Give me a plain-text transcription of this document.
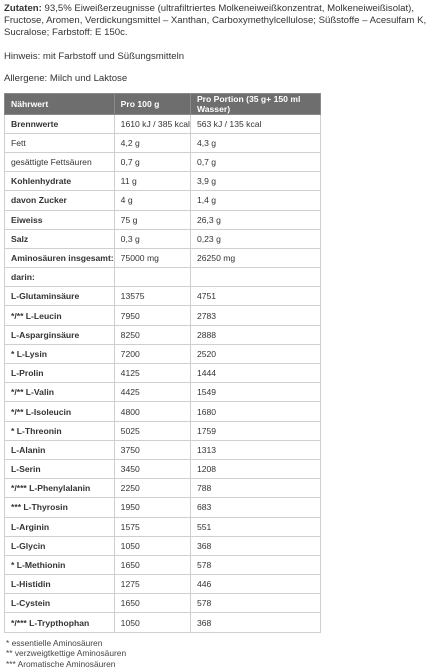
Zutaten: 93,5% Eiweißerzeugnisse (ultrafiltriertes Molkeneiweißkonzentrat, Molkeneiweißisolat), Fructose, Aromen, Verdickungsmittel – Xanthan, Carboxymethylcellulose; Süßstoffe – Acesulfam K, Sucralose; Farbstoff: E 150c.

Hinweis: mit Farbstoff und Süßungsmitteln

Allergene: Milch und Laktose

Nährwert	Pro 100 g	Pro Portion (35 g+ 150 ml Wasser)
Brennwerte	1610 kJ / 385 kcal	563 kJ / 135 kcal
Fett	4,2 g	4,3 g
gesättigte Fettsäuren	0,7 g	0,7 g
Kohlenhydrate	11 g	3,9 g
davon Zucker	4 g	1,4 g
Eiweiss	75 g	26,3 g
Salz	0,3 g	0,23 g
Aminosäuren insgesamt:	75000 mg	26250 mg
darin:		
L-Glutaminsäure	13575	4751
*/** L-Leucin	7950	2783
L-Asparginsäure	8250	2888
* L-Lysin	7200	2520
L-Prolin	4125	1444
*/** L-Valin	4425	1549
*/** L-Isoleucin	4800	1680
* L-Threonin	5025	1759
L-Alanin	3750	1313
L-Serin	3450	1208
*/*** L-Phenylalanin	2250	788
*** L-Thyrosin	1950	683
L-Arginin	1575	551
L-Glycin	1050	368
* L-Methionin	1650	578
L-Histidin	1275	446
L-Cystein	1650	578
*/*** L-Trypthophan	1050	368
* essentielle Aminosäuren
** verzweigtkettige Aminosäuren
*** Aromatische Aminosäuren
